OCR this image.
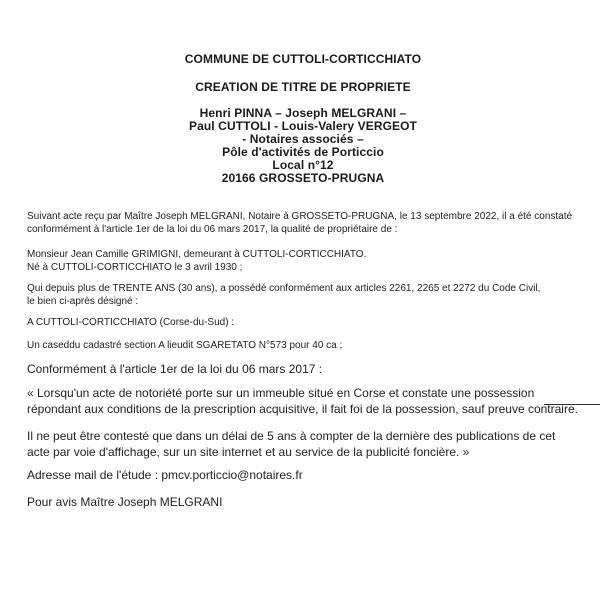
COMMUNE DE CUTTOLI-CORTICCHIATO
CREATION DE TITRE DE PROPRIETE
Henri PINNA – Joseph MELGRANI –
Paul CUTTOLI - Louis-Valery VERGEOT
- Notaires associés –
Pôle d'activités de Porticcio
Local n°12
20166 GROSSETO-PRUGNA
Suivant acte reçu par Maître Joseph MELGRANI, Notaire à GROSSETO-PRUGNA, le 13 septembre 2022, il a été constaté
conformément à l'article 1er de la loi du 06 mars 2017, la qualité de propriétaire de :
Monsieur Jean Camille GRIMIGNI, demeurant à CUTTOLI-CORTICCHIATO.
Né à CUTTOLI-CORTICCHIATO le 3 avril 1930 ;
Qui depuis plus de TRENTE ANS (30 ans), a possédé conformément aux articles 2261, 2265 et 2272 du Code Civil,
le bien ci-après désigné :
A CUTTOLI-CORTICCHIATO (Corse-du-Sud) :
Un caseddu cadastré section A lieudit SGARETATO N°573 pour 40 ca ;
Conformément à l'article 1er de la loi du 06 mars 2017 :
« Lorsqu'un acte de notoriété porte sur un immeuble situé en Corse et constate une possession
répondant aux conditions de la prescription acquisitive, il fait foi de la possession, sauf preuve contraire.
Il ne peut être contesté que dans un délai de 5 ans à compter de la dernière des publications de cet
acte par voie d'affichage, sur un site internet et au service de la publicité foncière. »
Adresse mail de l'étude : pmcv.porticcio@notaires.fr
Pour avis Maître Joseph MELGRANI
